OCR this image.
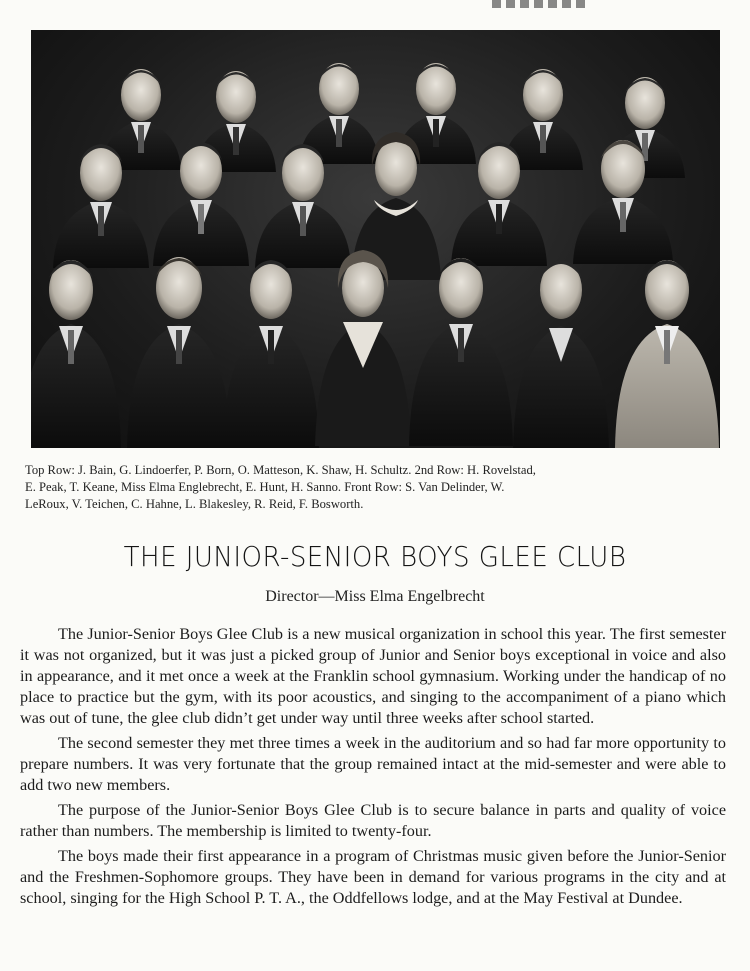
Top Row: J. Bain, G. Lindoerfer, P. Born, O. Matteson, K. Shaw, H. Schultz. 2nd Row: H. Rovelstad,
E. Peak, T. Keane, Miss Elma Englebrecht, E. Hunt, H. Sanno. Front Row: S. Van Delinder, W.
LeRoux, V. Teichen, C. Hahne, L. Blakesley, R. Reid, F. Bosworth.
THE JUNIOR-SENIOR BOYS GLEE CLUB
Director—Miss Elma Engelbrecht

The Junior-Senior Boys Glee Club is a new musical organization in school this year. The first semester it was not organized, but it was just a picked group of Junior and Senior boys exceptional in voice and also in appearance, and it met once a week at the Franklin school gymnasium. Working under the handicap of no place to practice but the gym, with its poor acoustics, and singing to the accompaniment of a piano which was out of tune, the glee club didn’t get under way until three weeks after school started.

The second semester they met three times a week in the auditorium and so had far more opportunity to prepare numbers. It was very fortunate that the group remained intact at the mid-semester and were able to add two new members.

The purpose of the Junior-Senior Boys Glee Club is to secure balance in parts and quality of voice rather than numbers. The membership is limited to twenty-four.

The boys made their first appearance in a program of Christmas music given before the Junior-Senior and the Freshmen-Sophomore groups. They have been in demand for various programs in the city and at school, singing for the High School P. T. A., the Oddfellows lodge, and at the May Festival at Dundee.
